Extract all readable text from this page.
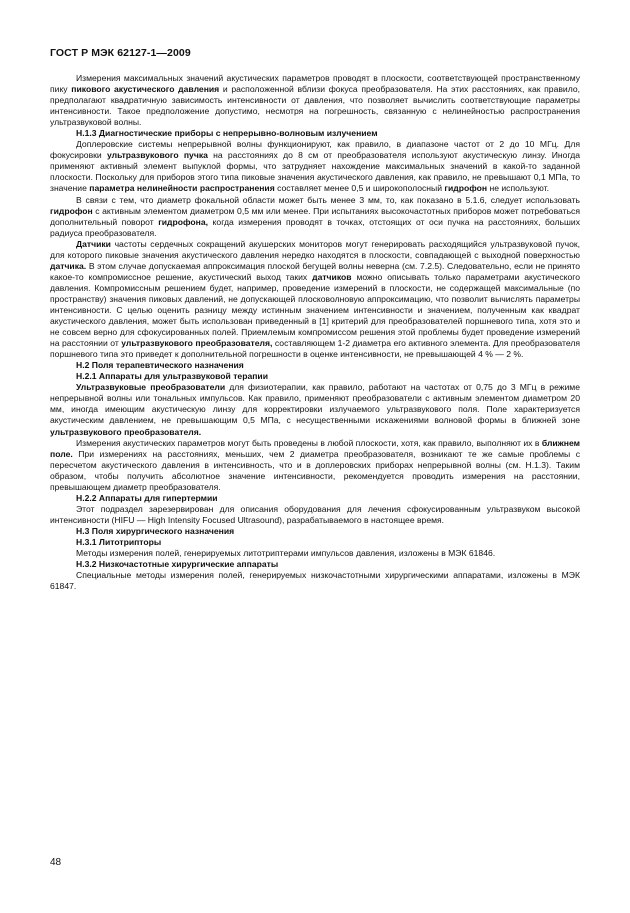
ГОСТ Р МЭК 62127-1—2009

Измерения максимальных значений акустических параметров проводят в плоскости, соответствующей пространственному пику пикового акустического давления и расположенной вблизи фокуса преобразователя. На этих расстояниях, как правило, предполагают квадратичную зависимость интенсивности от давления, что позволяет вычислить соответствующие параметры интенсивности. Такое предположение допустимо, несмотря на погрешность, связанную с нелинейностью распространения ультразвуковой волны.

Н.1.3 Диагностические приборы с непрерывно-волновым излучением

Доплеровские системы непрерывной волны функционируют, как правило, в диапазоне частот от 2 до 10 МГц. Для фокусировки ультразвукового пучка на расстояниях до 8 см от преобразователя используют акустическую линзу. Иногда применяют активный элемент выпуклой формы, что затрудняет нахождение максимальных значений в какой-то заданной плоскости. Поскольку для приборов этого типа пиковые значения акустического давления, как правило, не превышают 0,1 МПа, то значение параметра нелинейности распространения составляет менее 0,5 и широкополосный гидрофон не используют.

В связи с тем, что диаметр фокальной области может быть менее 3 мм, то, как показано в 5.1.6, следует использовать гидрофон с активным элементом диаметром 0,5 мм или менее. При испытаниях высокочастотных приборов может потребоваться дополнительный поворот гидрофона, когда измерения проводят в точках, отстоящих от оси пучка на расстояниях, больших радиуса преобразователя.

Датчики частоты сердечных сокращений акушерских мониторов могут генерировать расходящийся ультразвуковой пучок, для которого пиковые значения акустического давления нередко находятся в плоскости, совпадающей с выходной поверхностью датчика. В этом случае допускаемая аппроксимация плоской бегущей волны неверна (см. 7.2.5). Следовательно, если не принято какое-то компромиссное решение, акустический выход таких датчиков можно описывать только параметрами акустического давления. Компромиссным решением будет, например, проведение измерений в плоскости, не содержащей максимальные (по пространству) значения пиковых давлений, не допускающей плосковолновую аппроксимацию, что позволит вычислять параметры интенсивности. С целью оценить разницу между истинным значением интенсивности и значением, полученным как квадрат акустического давления, может быть использован приведенный в [1] критерий для преобразователей поршневого типа, хотя это и не совсем верно для сфокусированных полей. Приемлемым компромиссом решения этой проблемы будет проведение измерений на расстоянии от ультразвукового преобразователя, составляющем 1-2 диаметра его активного элемента. Для преобразователя поршневого типа это приведет к дополнительной погрешности в оценке интенсивности, не превышающей 4 % — 2 %.

Н.2 Поля терапевтического назначения

Н.2.1 Аппараты для ультразвуковой терапии

Ультразвуковые преобразователи для физиотерапии, как правило, работают на частотах от 0,75 до 3 МГц в режиме непрерывной волны или тональных импульсов. Как правило, применяют преобразователи с активным элементом диаметром 20 мм, иногда имеющим акустическую линзу для корректировки излучаемого ультразвукового поля. Поле характеризуется акустическим давлением, не превышающим 0,5 МПа, с несущественными искажениями волновой формы в ближней зоне ультразвукового преобразователя.

Измерения акустических параметров могут быть проведены в любой плоскости, хотя, как правило, выполняют их в ближнем поле. При измерениях на расстояниях, меньших, чем 2 диаметра преобразователя, возникают те же самые проблемы с пересчетом акустического давления в интенсивность, что и в доплеровских приборах непрерывной волны (см. Н.1.3). Таким образом, чтобы получить абсолютное значение интенсивности, рекомендуется проводить измерения на расстоянии, превышающем диаметр преобразователя.

Н.2.2 Аппараты для гипертермии

Этот подраздел зарезервирован для описания оборудования для лечения сфокусированным ультразвуком высокой интенсивности (HIFU — High Intensity Focused Ultrasound), разрабатываемого в настоящее время.

Н.3 Поля хирургического назначения

Н.3.1 Литотрипторы

Методы измерения полей, генерируемых литотриптерами импульсов давления, изложены в МЭК 61846.

Н.3.2 Низкочастотные хирургические аппараты

Специальные методы измерения полей, генерируемых низкочастотными хирургическими аппаратами, изложены в МЭК 61847.

48
